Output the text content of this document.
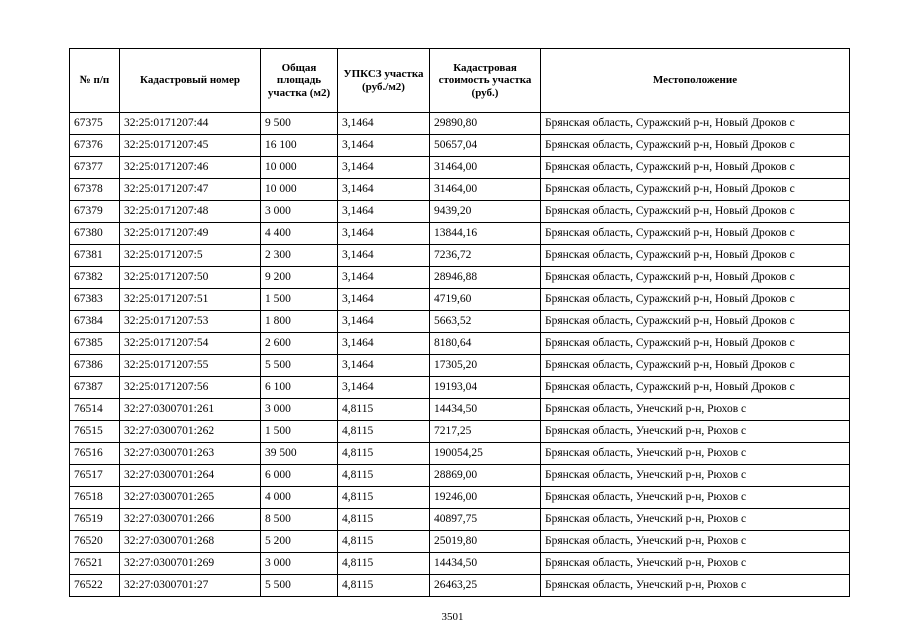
№ п/п	Кадастровый номер	Общая площадь участка (м2)	УПКСЗ участка (руб./м2)	Кадастровая стоимость участка (руб.)	Местоположение
67375	32:25:0171207:44	9 500	3,1464	29890,80	Брянская область, Суражский р-н, Новый Дроков с
67376	32:25:0171207:45	16 100	3,1464	50657,04	Брянская область, Суражский р-н, Новый Дроков с
67377	32:25:0171207:46	10 000	3,1464	31464,00	Брянская область, Суражский р-н, Новый Дроков с
67378	32:25:0171207:47	10 000	3,1464	31464,00	Брянская область, Суражский р-н, Новый Дроков с
67379	32:25:0171207:48	3 000	3,1464	9439,20	Брянская область, Суражский р-н, Новый Дроков с
67380	32:25:0171207:49	4 400	3,1464	13844,16	Брянская область, Суражский р-н, Новый Дроков с
67381	32:25:0171207:5	2 300	3,1464	7236,72	Брянская область, Суражский р-н, Новый Дроков с
67382	32:25:0171207:50	9 200	3,1464	28946,88	Брянская область, Суражский р-н, Новый Дроков с
67383	32:25:0171207:51	1 500	3,1464	4719,60	Брянская область, Суражский р-н, Новый Дроков с
67384	32:25:0171207:53	1 800	3,1464	5663,52	Брянская область, Суражский р-н, Новый Дроков с
67385	32:25:0171207:54	2 600	3,1464	8180,64	Брянская область, Суражский р-н, Новый Дроков с
67386	32:25:0171207:55	5 500	3,1464	17305,20	Брянская область, Суражский р-н, Новый Дроков с
67387	32:25:0171207:56	6 100	3,1464	19193,04	Брянская область, Суражский р-н, Новый Дроков с
76514	32:27:0300701:261	3 000	4,8115	14434,50	Брянская область, Унечский р-н, Рюхов с
76515	32:27:0300701:262	1 500	4,8115	7217,25	Брянская область, Унечский р-н, Рюхов с
76516	32:27:0300701:263	39 500	4,8115	190054,25	Брянская область, Унечский р-н, Рюхов с
76517	32:27:0300701:264	6 000	4,8115	28869,00	Брянская область, Унечский р-н, Рюхов с
76518	32:27:0300701:265	4 000	4,8115	19246,00	Брянская область, Унечский р-н, Рюхов с
76519	32:27:0300701:266	8 500	4,8115	40897,75	Брянская область, Унечский р-н, Рюхов с
76520	32:27:0300701:268	5 200	4,8115	25019,80	Брянская область, Унечский р-н, Рюхов с
76521	32:27:0300701:269	3 000	4,8115	14434,50	Брянская область, Унечский р-н, Рюхов с
76522	32:27:0300701:27	5 500	4,8115	26463,25	Брянская область, Унечский р-н, Рюхов с
3501
